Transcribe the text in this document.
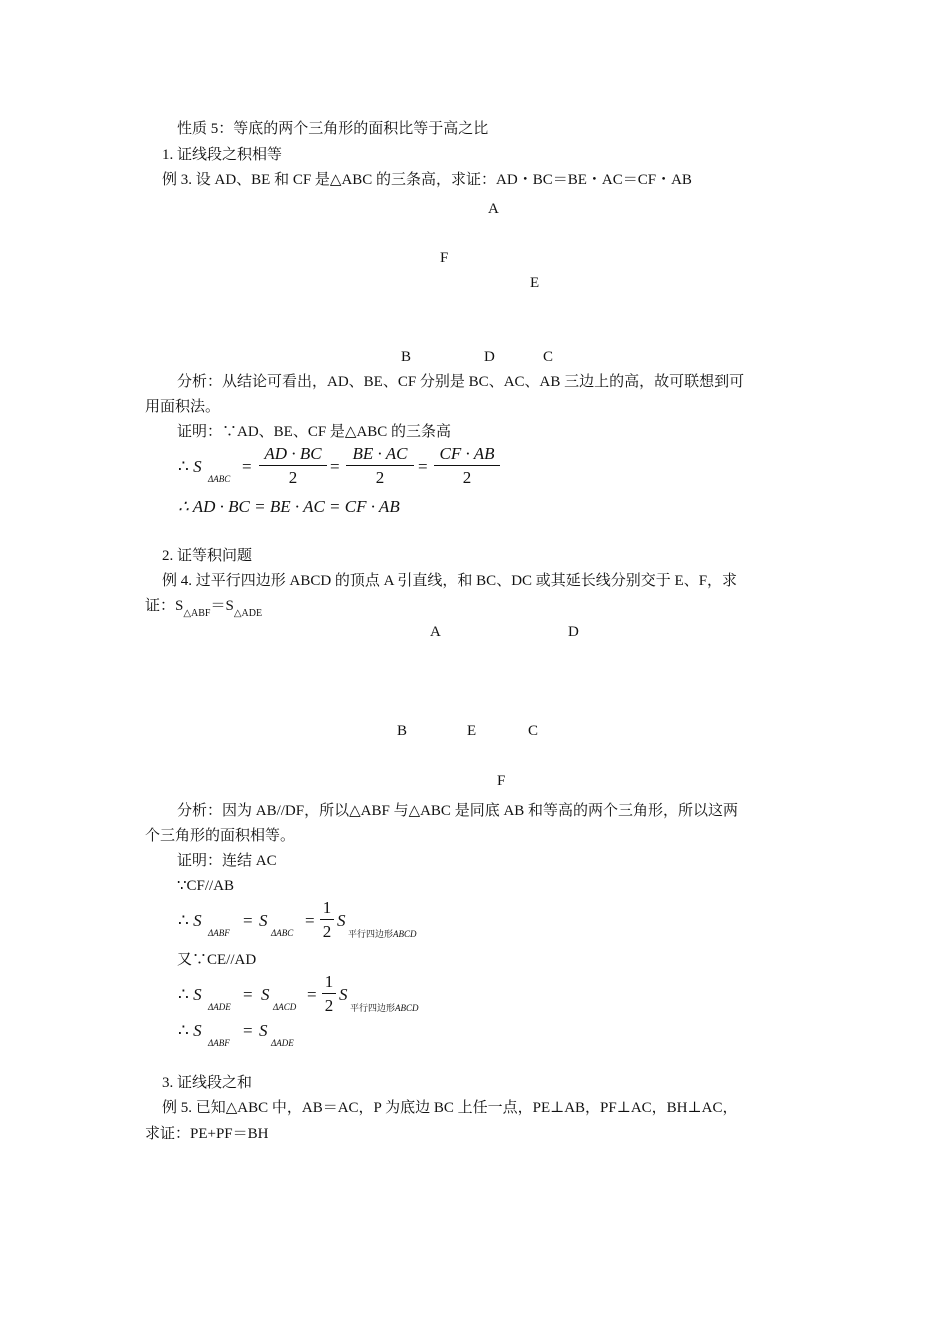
性质 5：等底的两个三角形的面积比等于高之比
1. 证线段之积相等
例 3. 设 AD、BE 和 CF 是△ABC 的三条高，求证：AD・BC＝BE・AC＝CF・AB
A
F
E
B	D	C
分析：从结论可看出，AD、BE、CF 分别是 BC、AC、AB 三边上的高，故可联想到可
用面积法。
证明：∵AD、BE、CF 是△ABC 的三条高
∴ S
ΔABC
=
AD · BC
2
=
BE · AC
2
=
CF · AB
2
∴ AD · BC = BE · AC = CF · AB
2. 证等积问题
例 4. 过平行四边形 ABCD 的顶点 A 引直线，和 BC、DC 或其延长线分别交于 E、F，求
证：$S_{\triangle ABF}=S_{\triangle ADE}$
A	D
B	E	C
F
分析：因为 AB//DF，所以△ABF 与△ABC 是同底 AB 和等高的两个三角形，所以这两
个三角形的面积相等。
证明：连结 AC
∵CF//AB
∴ S
ΔABF
= S
ΔABC
=
1
2
S
平行四边形ABCD
又∵CE//AD
∴ S
ΔADE
= S
ΔACD
=
1
2
S
平行四边形ABCD
∴ S
ΔABF
= S
ΔADE
3. 证线段之和
例 5. 已知△ABC 中，AB＝AC，P 为底边 BC 上任一点，PE⊥AB，PF⊥AC，BH⊥AC，
求证：PE+PF＝BH
